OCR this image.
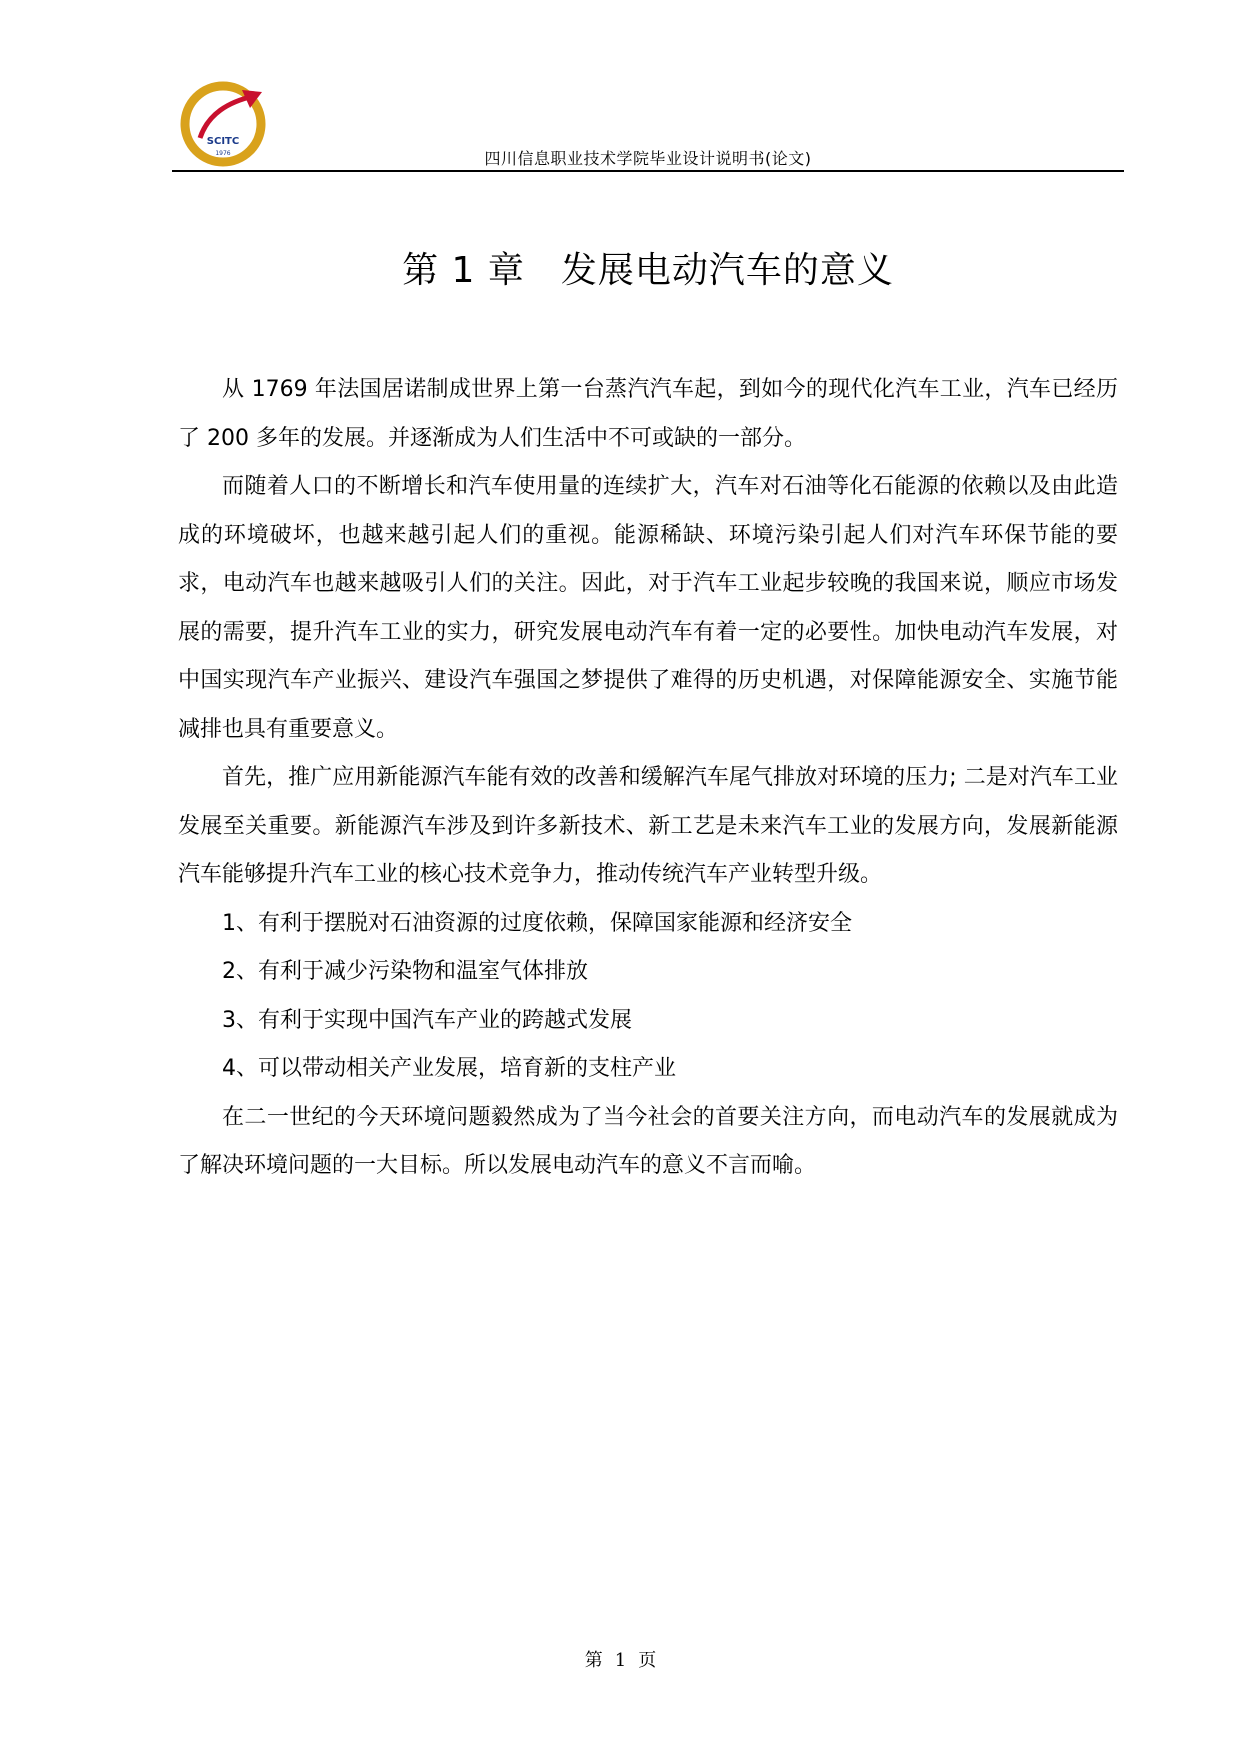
SCITC
1976	四川信息职业技术学院毕业设计说明书(论文)
第 1 章 发展电动汽车的意义

从 1769 年法国居诺制成世界上第一台蒸汽汽车起，到如今的现代化汽车工业，汽车已经历了 200 多年的发展。并逐渐成为人们生活中不可或缺的一部分。

而随着人口的不断增长和汽车使用量的连续扩大，汽车对石油等化石能源的依赖以及由此造成的环境破坏，也越来越引起人们的重视。能源稀缺、环境污染引起人们对汽车环保节能的要求，电动汽车也越来越吸引人们的关注。因此，对于汽车工业起步较晚的我国来说，顺应市场发展的需要，提升汽车工业的实力，研究发展电动汽车有着一定的必要性。加快电动汽车发展，对中国实现汽车产业振兴、建设汽车强国之梦提供了难得的历史机遇，对保障能源安全、实施节能减排也具有重要意义。

首先，推广应用新能源汽车能有效的改善和缓解汽车尾气排放对环境的压力; 二是对汽车工业发展至关重要。新能源汽车涉及到许多新技术、新工艺是未来汽车工业的发展方向，发展新能源汽车能够提升汽车工业的核心技术竞争力，推动传统汽车产业转型升级。

1、有利于摆脱对石油资源的过度依赖，保障国家能源和经济安全

2、有利于减少污染物和温室气体排放

3、有利于实现中国汽车产业的跨越式发展

4、可以带动相关产业发展，培育新的支柱产业

在二一世纪的今天环境问题毅然成为了当今社会的首要关注方向，而电动汽车的发展就成为了解决环境问题的一大目标。所以发展电动汽车的意义不言而喻。

第 1 页
